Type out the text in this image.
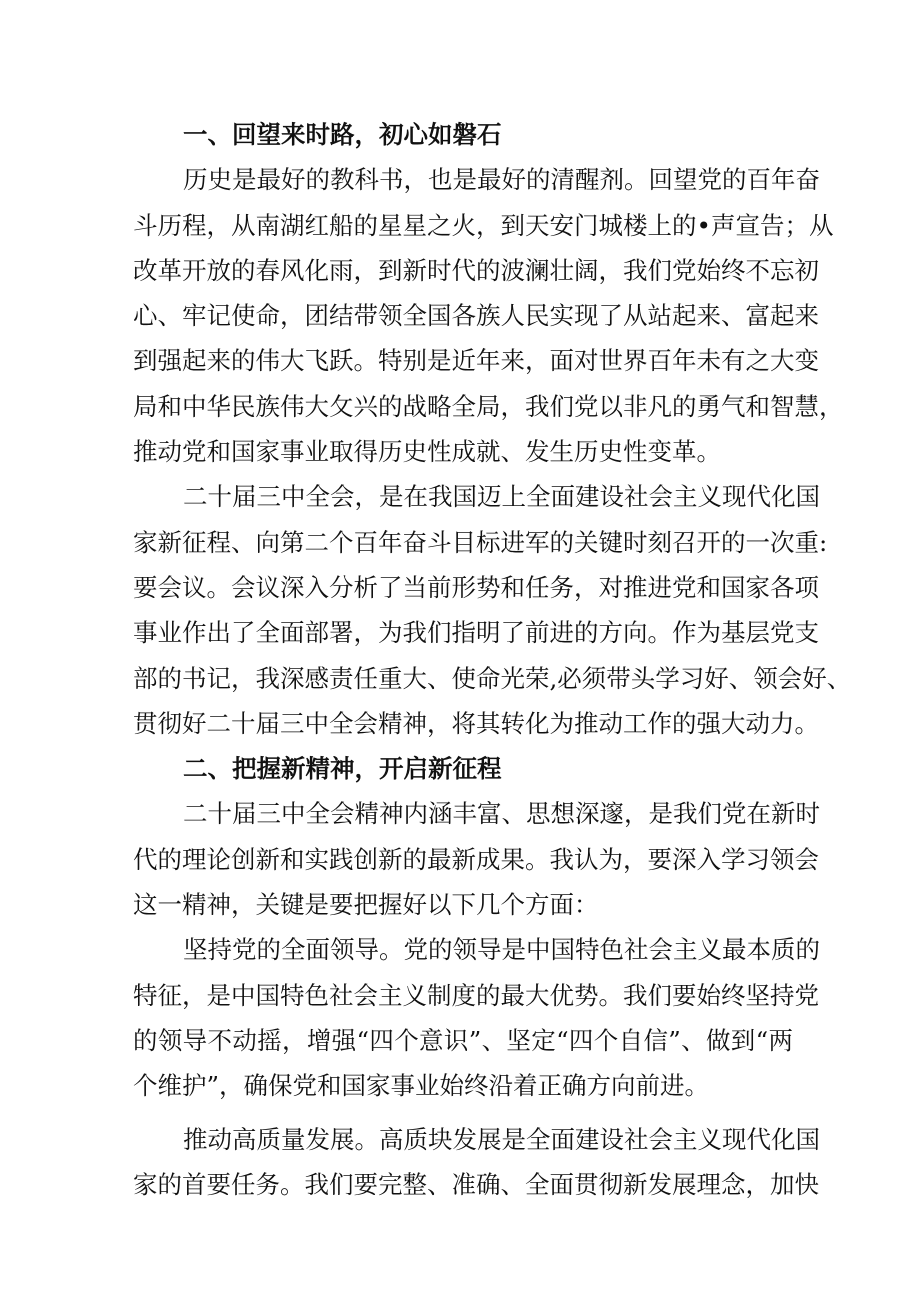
一、回望来时路，初心如磐石
历史是最好的教科书，也是最好的清醒剂。回望党的百年奋
斗历程，从南湖红船的星星之火，到天安门城楼上的•声宣告；从
改革开放的春风化雨，到新时代的波澜壮阔，我们党始终不忘初
心、牢记使命，团结带领全国各族人民实现了从站起来、富起来
到强起来的伟大飞跃。特别是近年来，面对世界百年未有之大变
局和中华民族伟大攵兴的战略全局，我们党以非凡的勇气和智慧，
推动党和国家事业取得历史性成就、发生历史性变革。
二十届三中全会，是在我国迈上全面建设社会主义现代化国
家新征程、向第二个百年奋斗目标进军的关键时刻召开的一次重:
要会议。会议深入分析了当前形势和任务，对推进党和国家各项
事业作出了全面部署，为我们指明了前进的方向。作为基层党支
部的书记，我深感责任重大、使命光荣,必须带头学习好、领会好、
贯彻好二十届三中全会精神，将其转化为推动工作的强大动力。
二、把握新精神，开启新征程
二十届三中全会精神内涵丰富、思想深邃，是我们党在新时
代的理论创新和实践创新的最新成果。我认为，要深入学习领会
这一精神，关键是要把握好以下几个方面：
坚持党的全面领导。党的领导是中国特色社会主义最本质的
特征，是中国特色社会主义制度的最大优势。我们要始终坚持党
的领导不动摇，增强“四个意识”、坚定“四个自信”、做到“两
个维护”，确保党和国家事业始终沿着正确方向前进。
推动高质量发展。高质块发展是全面建设社会主义现代化国
家的首要任务。我们要完整、准确、全面贯彻新发展理念，加快
